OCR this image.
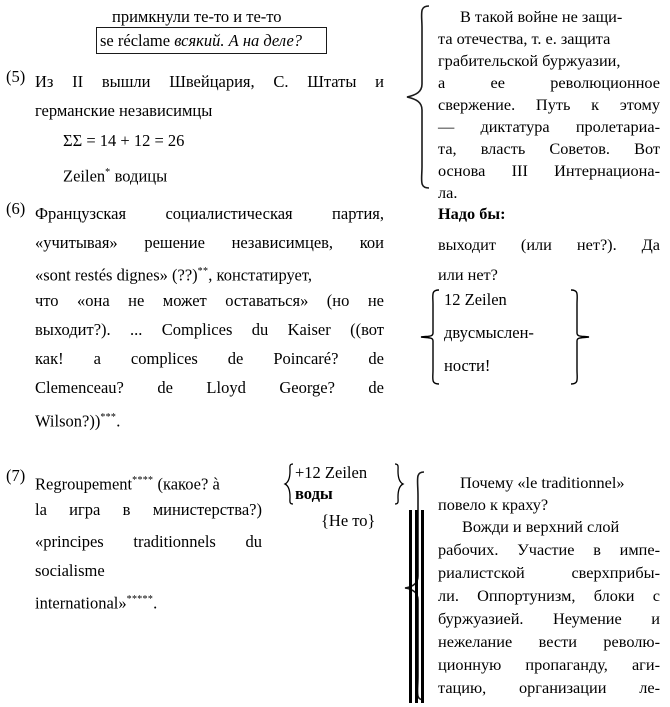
примкнули те-то и те-то
se réclame всякий. А на деле?
(5) Из II вышли Швейцария, С. Штаты и
германские независимцы
ΣΣ = 14 + 12 = 26
Zeilen* водицы
(6) Французская социалистическая партия,
«учитывая» решение независимцев, кои
«sont restés dignes» (??)**, констатирует,
что «она не может оставаться» (но не
выходит?). ... Complices du Kaiser ((вот
как! a complices de Poincaré? de
Clemenceau? de Lloyd George? de
Wilson?))***.
(7) Regroupement**** (какое? à
la игра в министерства?)
«principes traditionnels du
socialisme
international»*****.
+12 Zeilen
воды
{Не то}
В такой войне не защи-
та отечества, т. е. защита
грабительской буржуазии,
а ее революционное
свержение. Путь к этому
— диктатура пролетариа-
та, власть Советов. Вот
основа III Интернациона-
ла.
Надо бы:
выходит (или нет?). Да
или нет?
12 Zeilen
двусмыслен-
ности!
Почему «le traditionnel»
повело к краху?
Вожди и верхний слой
рабочих. Участие в импе-
риалистской сверхприбы-
ли. Оппортунизм, блоки с
буржуазией. Неумение и
нежелание вести револю-
ционную пропаганду, аги-
тацию, организации ле-
